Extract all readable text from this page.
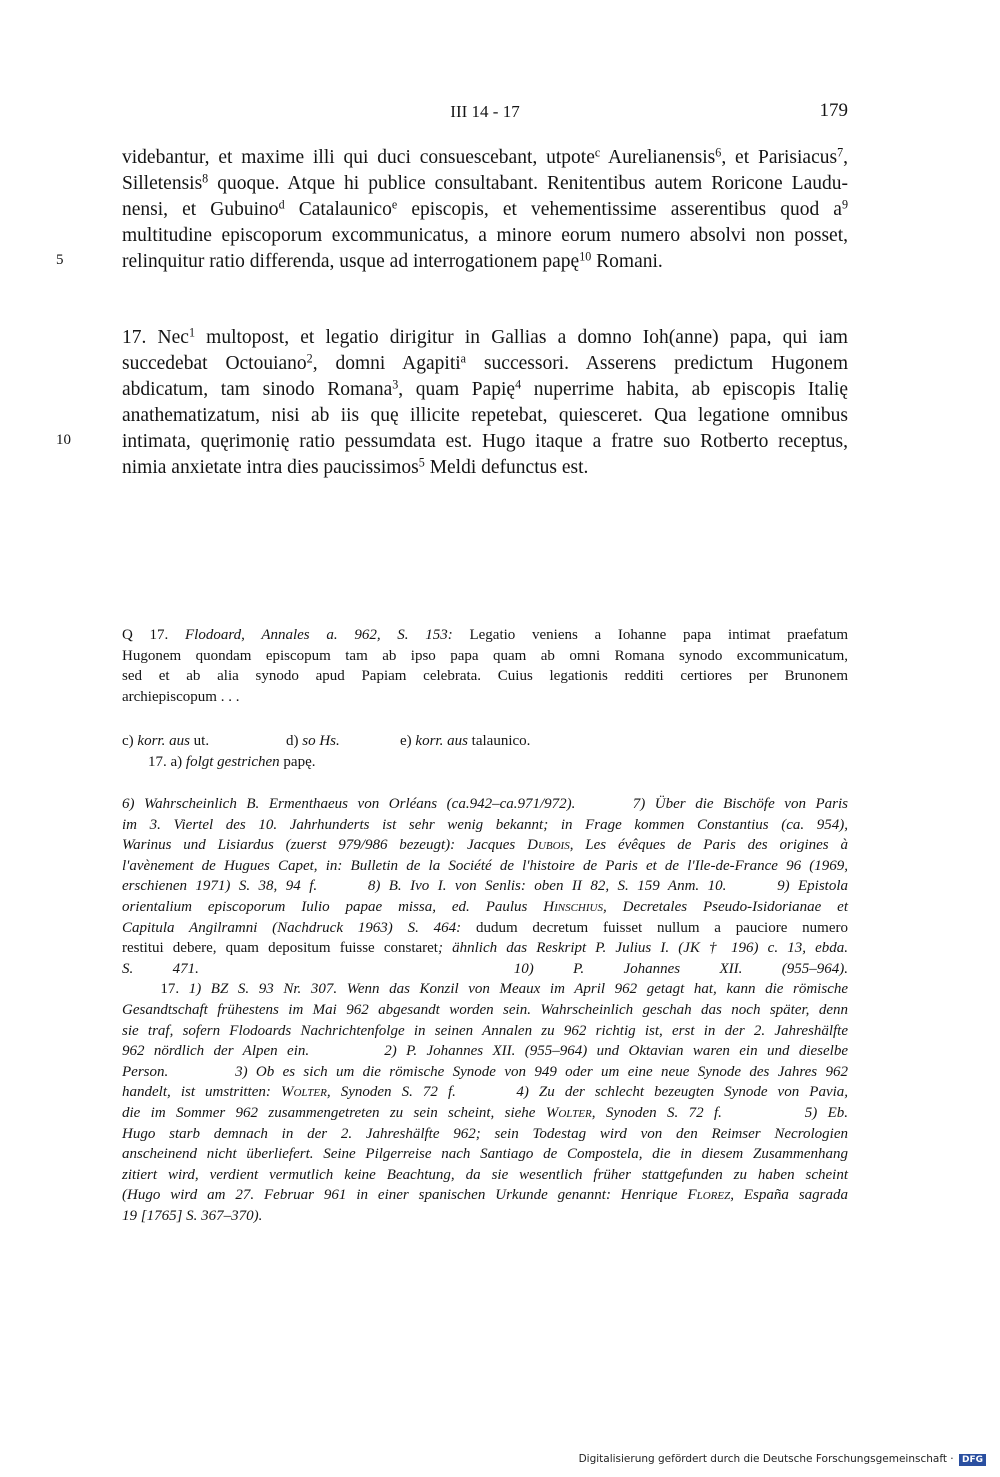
III 14 - 17	179
videbantur, et maxime illi qui duci consuescebant, utpote$^c$ Aurelianensis$^6$, et Parisiacus$^7$,
Silletensis$^8$ quoque. Atque hi publice consultabant. Renitentibus autem Roricone Laudu-
nensi, et Gubuino$^d$ Catalaunico$^e$ episcopis, et vehementissime asserentibus quod $a^9$
multitudine episcoporum excommunicatus, a minore eorum numero absolvi non posset,
relinquitur ratio differenda, usque ad interrogationem papę$^{10}$ Romani.
5
17. Nec$^1$ multopost, et legatio dirigitur in Gallias a domno Ioh(anne) papa, qui iam
succedebat Octouiano$^2$, domni Agapiti$^a$ successori. Asserens predictum Hugonem
abdicatum, tam sinodo Romana$^3$, quam Papię$^4$ nuperrime habita, ab episcopis Italię
anathematizatum, nisi ab iis quę illicite repetebat, quiesceret. Qua legatione omnibus
intimata, quęrimonię ratio pessumdata est. Hugo itaque a fratre suo Rotberto receptus,
nimia anxietate intra dies paucissimos$^5$ Meldi defunctus est.
10
Q 17. Flodoard, Annales a. 962, S. 153: Legatio veniens a Iohanne papa intimat praefatum
Hugonem quondam episcopum tam ab ipso papa quam ab omni Romana synodo excommunicatum,
sed et ab alia synodo apud Papiam celebrata. Cuius legationis redditi certiores per Brunonem
archiepiscopum . . .
c) korr. aus ut.	d) so Hs.	e) korr. aus talaunico.
17. a) folgt gestrichen papę.
6) Wahrscheinlich B. Ermenthaeus von Orléans (ca.942–ca.971/972).	7) Über die Bischöfe von Paris
im 3. Viertel des 10. Jahrhunderts ist sehr wenig bekannt; in Frage kommen Constantius (ca. 954),
Warinus und Lisiardus (zuerst 979/986 bezeugt): Jacques Dubois, Les évêques de Paris des origines à
l'avènement de Hugues Capet, in: Bulletin de la Société de l'histoire de Paris et de l'Ile-de-France 96 (1969,
erschienen 1971) S. 38, 94 f.	8) B. Ivo I. von Senlis: oben II 82, S. 159 Anm. 10.	9) Epistola
orientalium episcoporum Iulio papae missa, ed. Paulus Hinschius, Decretales Pseudo-Isidorianae et
Capitula Angilramni (Nachdruck 1963) S. 464: dudum decretum fuisset nullum a pauciore numero
restitui debere, quam depositum fuisse constaret; ähnlich das Reskript P. Julius I. (JK † 196) c. 13, ebda.
S. 471.	10) P. Johannes XII. (955–964).
17. 1) BZ S. 93 Nr. 307. Wenn das Konzil von Meaux im April 962 getagt hat, kann die römische
Gesandtschaft frühestens im Mai 962 abgesandt worden sein. Wahrscheinlich geschah das noch später, denn
sie traf, sofern Flodoards Nachrichtenfolge in seinen Annalen zu 962 richtig ist, erst in der 2. Jahreshälfte
962 nördlich der Alpen ein.	2) P. Johannes XII. (955–964) und Oktavian waren ein und dieselbe
Person.	3) Ob es sich um die römische Synode von 949 oder um eine neue Synode des Jahres 962
handelt, ist umstritten: Wolter, Synoden S. 72 f.	4) Zu der schlecht bezeugten Synode von Pavia,
die im Sommer 962 zusammengetreten zu sein scheint, siehe Wolter, Synoden S. 72 f.	5) Eb.
Hugo starb demnach in der 2. Jahreshälfte 962; sein Todestag wird von den Reimser Necrologien
anscheinend nicht überliefert. Seine Pilgerreise nach Santiago de Compostela, die in diesem Zusammenhang
zitiert wird, verdient vermutlich keine Beachtung, da sie wesentlich früher stattgefunden zu haben scheint
(Hugo wird am 27. Februar 961 in einer spanischen Urkunde genannt: Henrique Florez, España sagrada
19 [1765] S. 367–370).
Digitalisierung gefördert durch die Deutsche Forschungsgemeinschaft · DFG
